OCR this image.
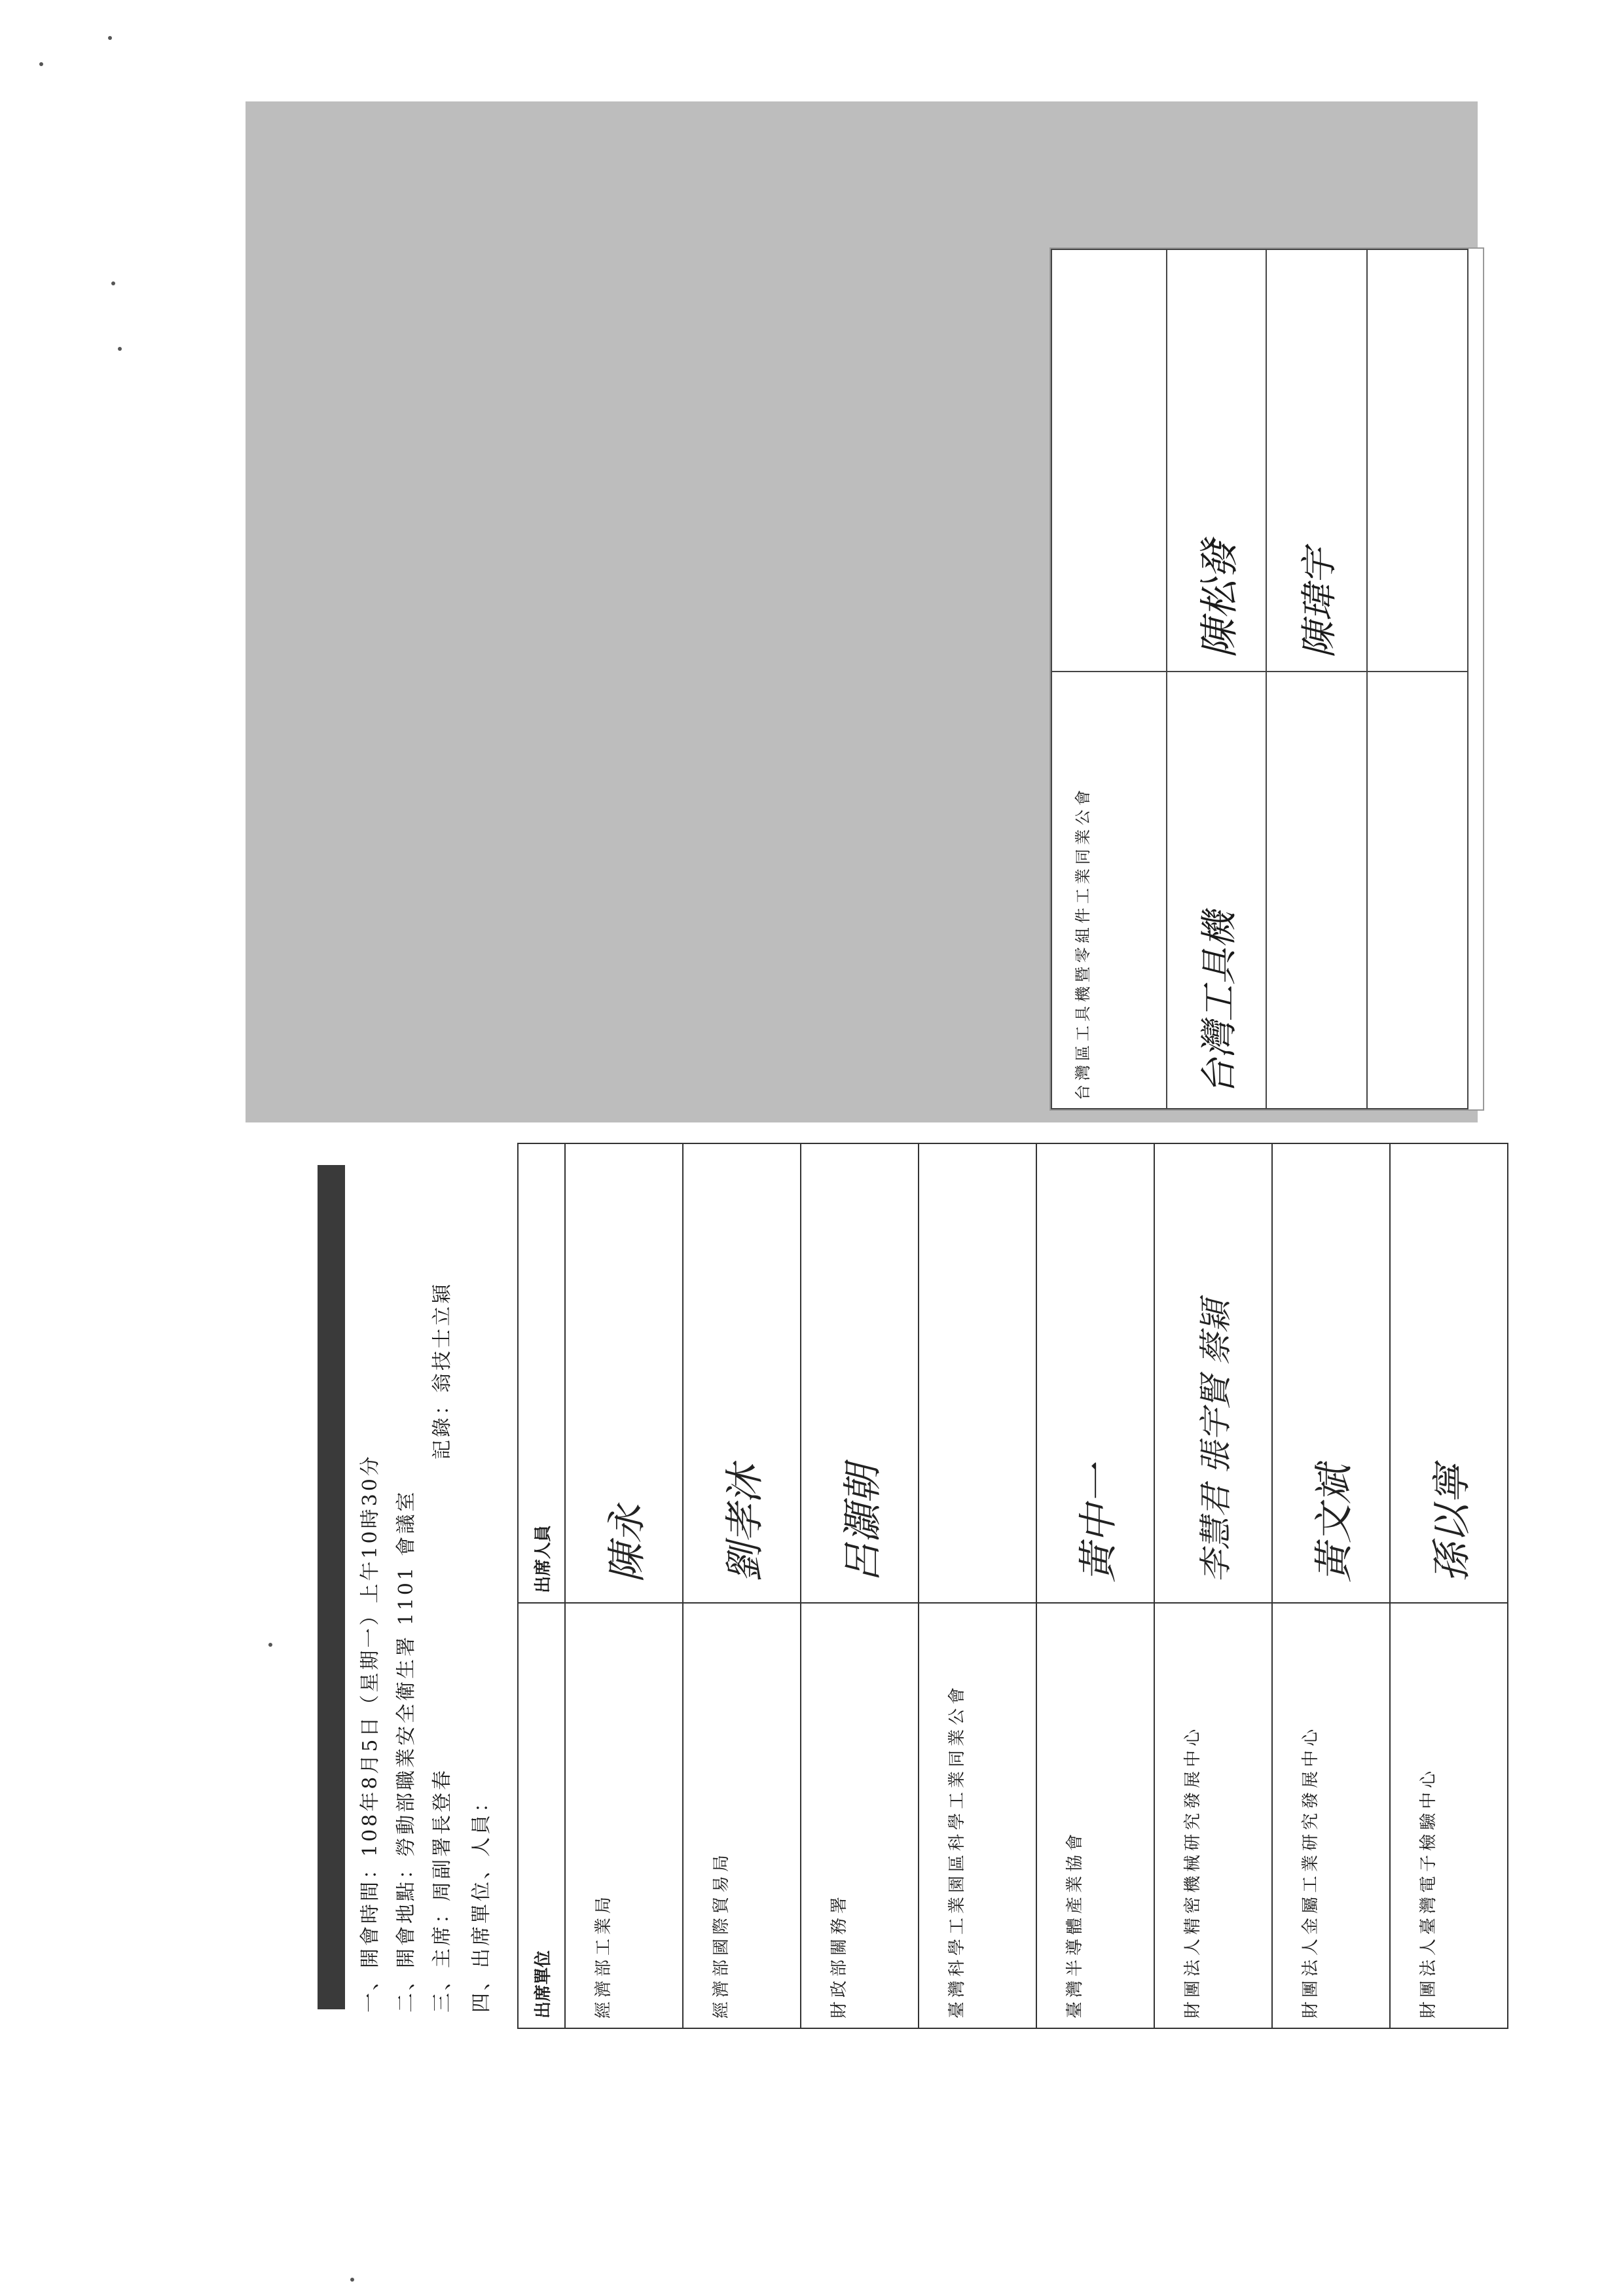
台灣區工具機暨零組件工業同業公會	
台灣工具機	陳松發
	陳瑋宇

一、開會時間：108年8月5日（星期一）上午10時30分 二、開會地點：勞動部職業安全衛生署 1101 會議室 三、主席：周副署長登春
記錄：翁技士立穎
四、出席單位、人員： 出席單位	出席人員
經濟部工業局	陳永
經濟部國際貿易局	劉孝沐
財政部關務署	呂灝朝
臺灣科學工業園區科學工業同業公會	
臺灣半導體產業協會	黃中一
財團法人精密機械研究發展中心	李慧君 張宇賢 蔡穎
財團法人金屬工業研究發展中心	黃文斌
財團法人臺灣電子檢驗中心	孫以寧
